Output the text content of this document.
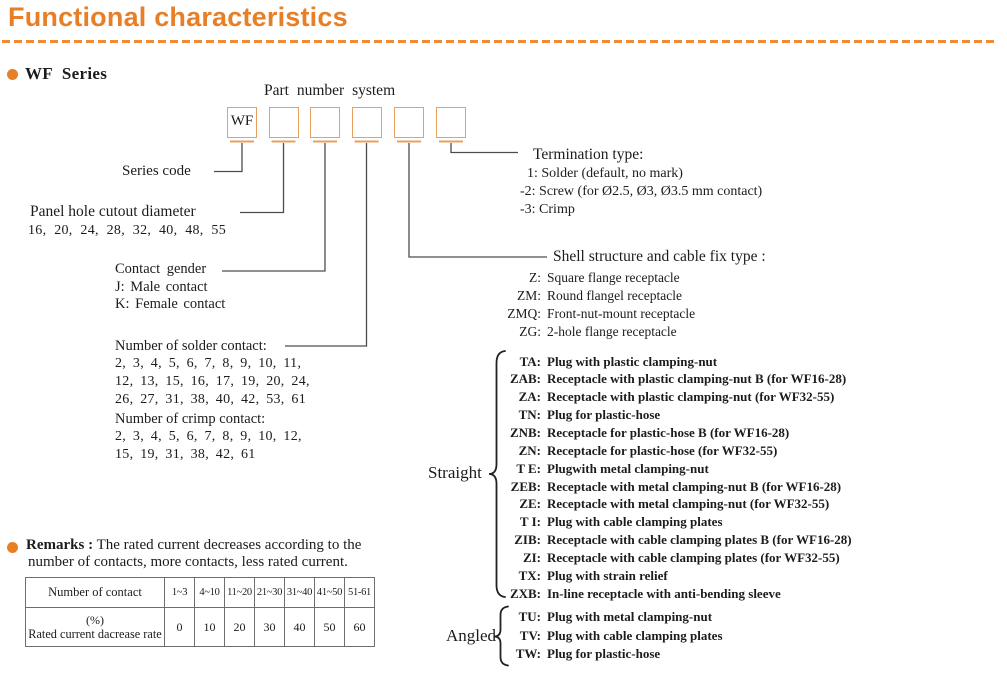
Functional characteristics
WF Series
Part number system
WF
Series code
Panel hole cutout diameter
16, 20, 24, 28, 32, 40, 48, 55
Contact gender
J: Male contact
K: Female contact
Number of solder contact:
2, 3, 4, 5, 6, 7, 8, 9, 10, 11,
12, 13, 15, 16, 17, 19, 20, 24,
26, 27, 31, 38, 40, 42, 53, 61
Number of crimp contact:
2, 3, 4, 5, 6, 7, 8, 9, 10, 12,
15, 19, 31, 38, 42, 61
Termination type:
1: Solder (default, no mark)
-2: Screw (for Ø2.5, Ø3, Ø3.5 mm contact)
-3: Crimp
Shell structure and cable fix type :
Z: Square flange receptacle
ZM: Round flangel receptacle
ZMQ: Front-nut-mount receptacle
ZG: 2-hole flange receptacle
Straight
TA: Plug with plastic clamping-nut
ZAB: Receptacle with plastic clamping-nut B (for WF16-28)
ZA: Receptacle with plastic clamping-nut (for WF32-55)
TN: Plug for plastic-hose
ZNB: Receptacle for plastic-hose B (for WF16-28)
ZN: Receptacle for plastic-hose (for WF32-55)
T E: Plugwith metal clamping-nut
ZEB: Receptacle with metal clamping-nut B (for WF16-28)
ZE: Receptacle with metal clamping-nut (for WF32-55)
T I: Plug with cable clamping plates
ZIB: Receptacle with cable clamping plates B (for WF16-28)
ZI: Receptacle with cable clamping plates (for WF32-55)
TX: Plug with strain relief
ZXB: In-line receptacle with anti-bending sleeve
Angled
TU: Plug with metal clamping-nut
TV: Plug with cable clamping plates
TW: Plug for plastic-hose
Remarks : The rated current decreases according to the
number of contacts, more contacts, less rated current.
Number of contact	1~3	4~10	11~20	21~30	31~40	41~50	51-61

(%)
Rated current dacrease rate	0	10	20	30	40	50	60
